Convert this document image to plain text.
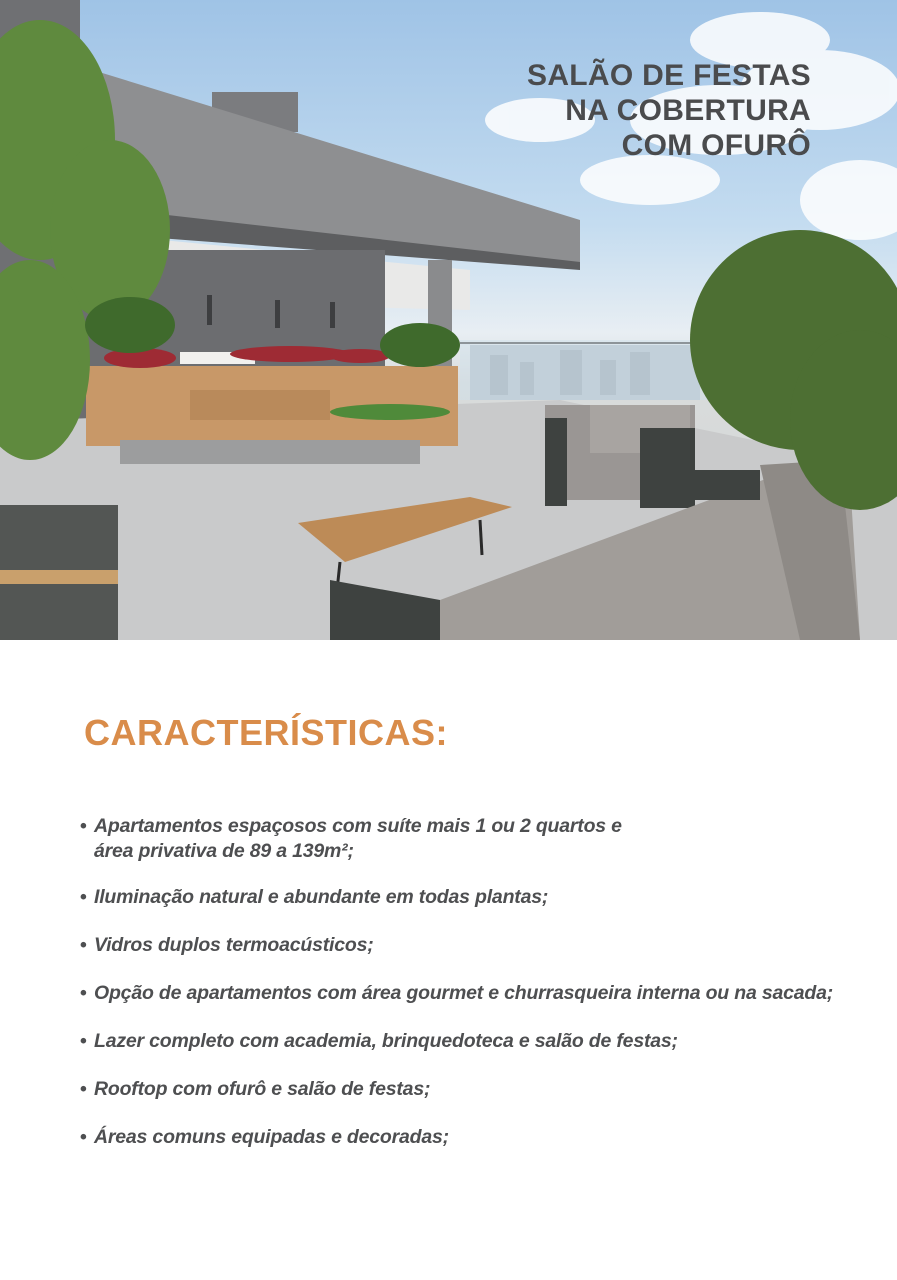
SALÃO DE FESTAS
NA COBERTURA
COM OFURÔ
CARACTERÍSTICAS:
• Apartamentos espaçosos com suíte mais 1 ou 2 quartos e
área privativa de 89 a 139m²;
• Iluminação natural e abundante em todas plantas;
• Vidros duplos termoacústicos;
• Opção de apartamentos com área gourmet e churrasqueira interna ou na sacada;
• Lazer completo com academia, brinquedoteca e salão de festas;
• Rooftop com ofurô e salão de festas;
• Áreas comuns equipadas e decoradas;
